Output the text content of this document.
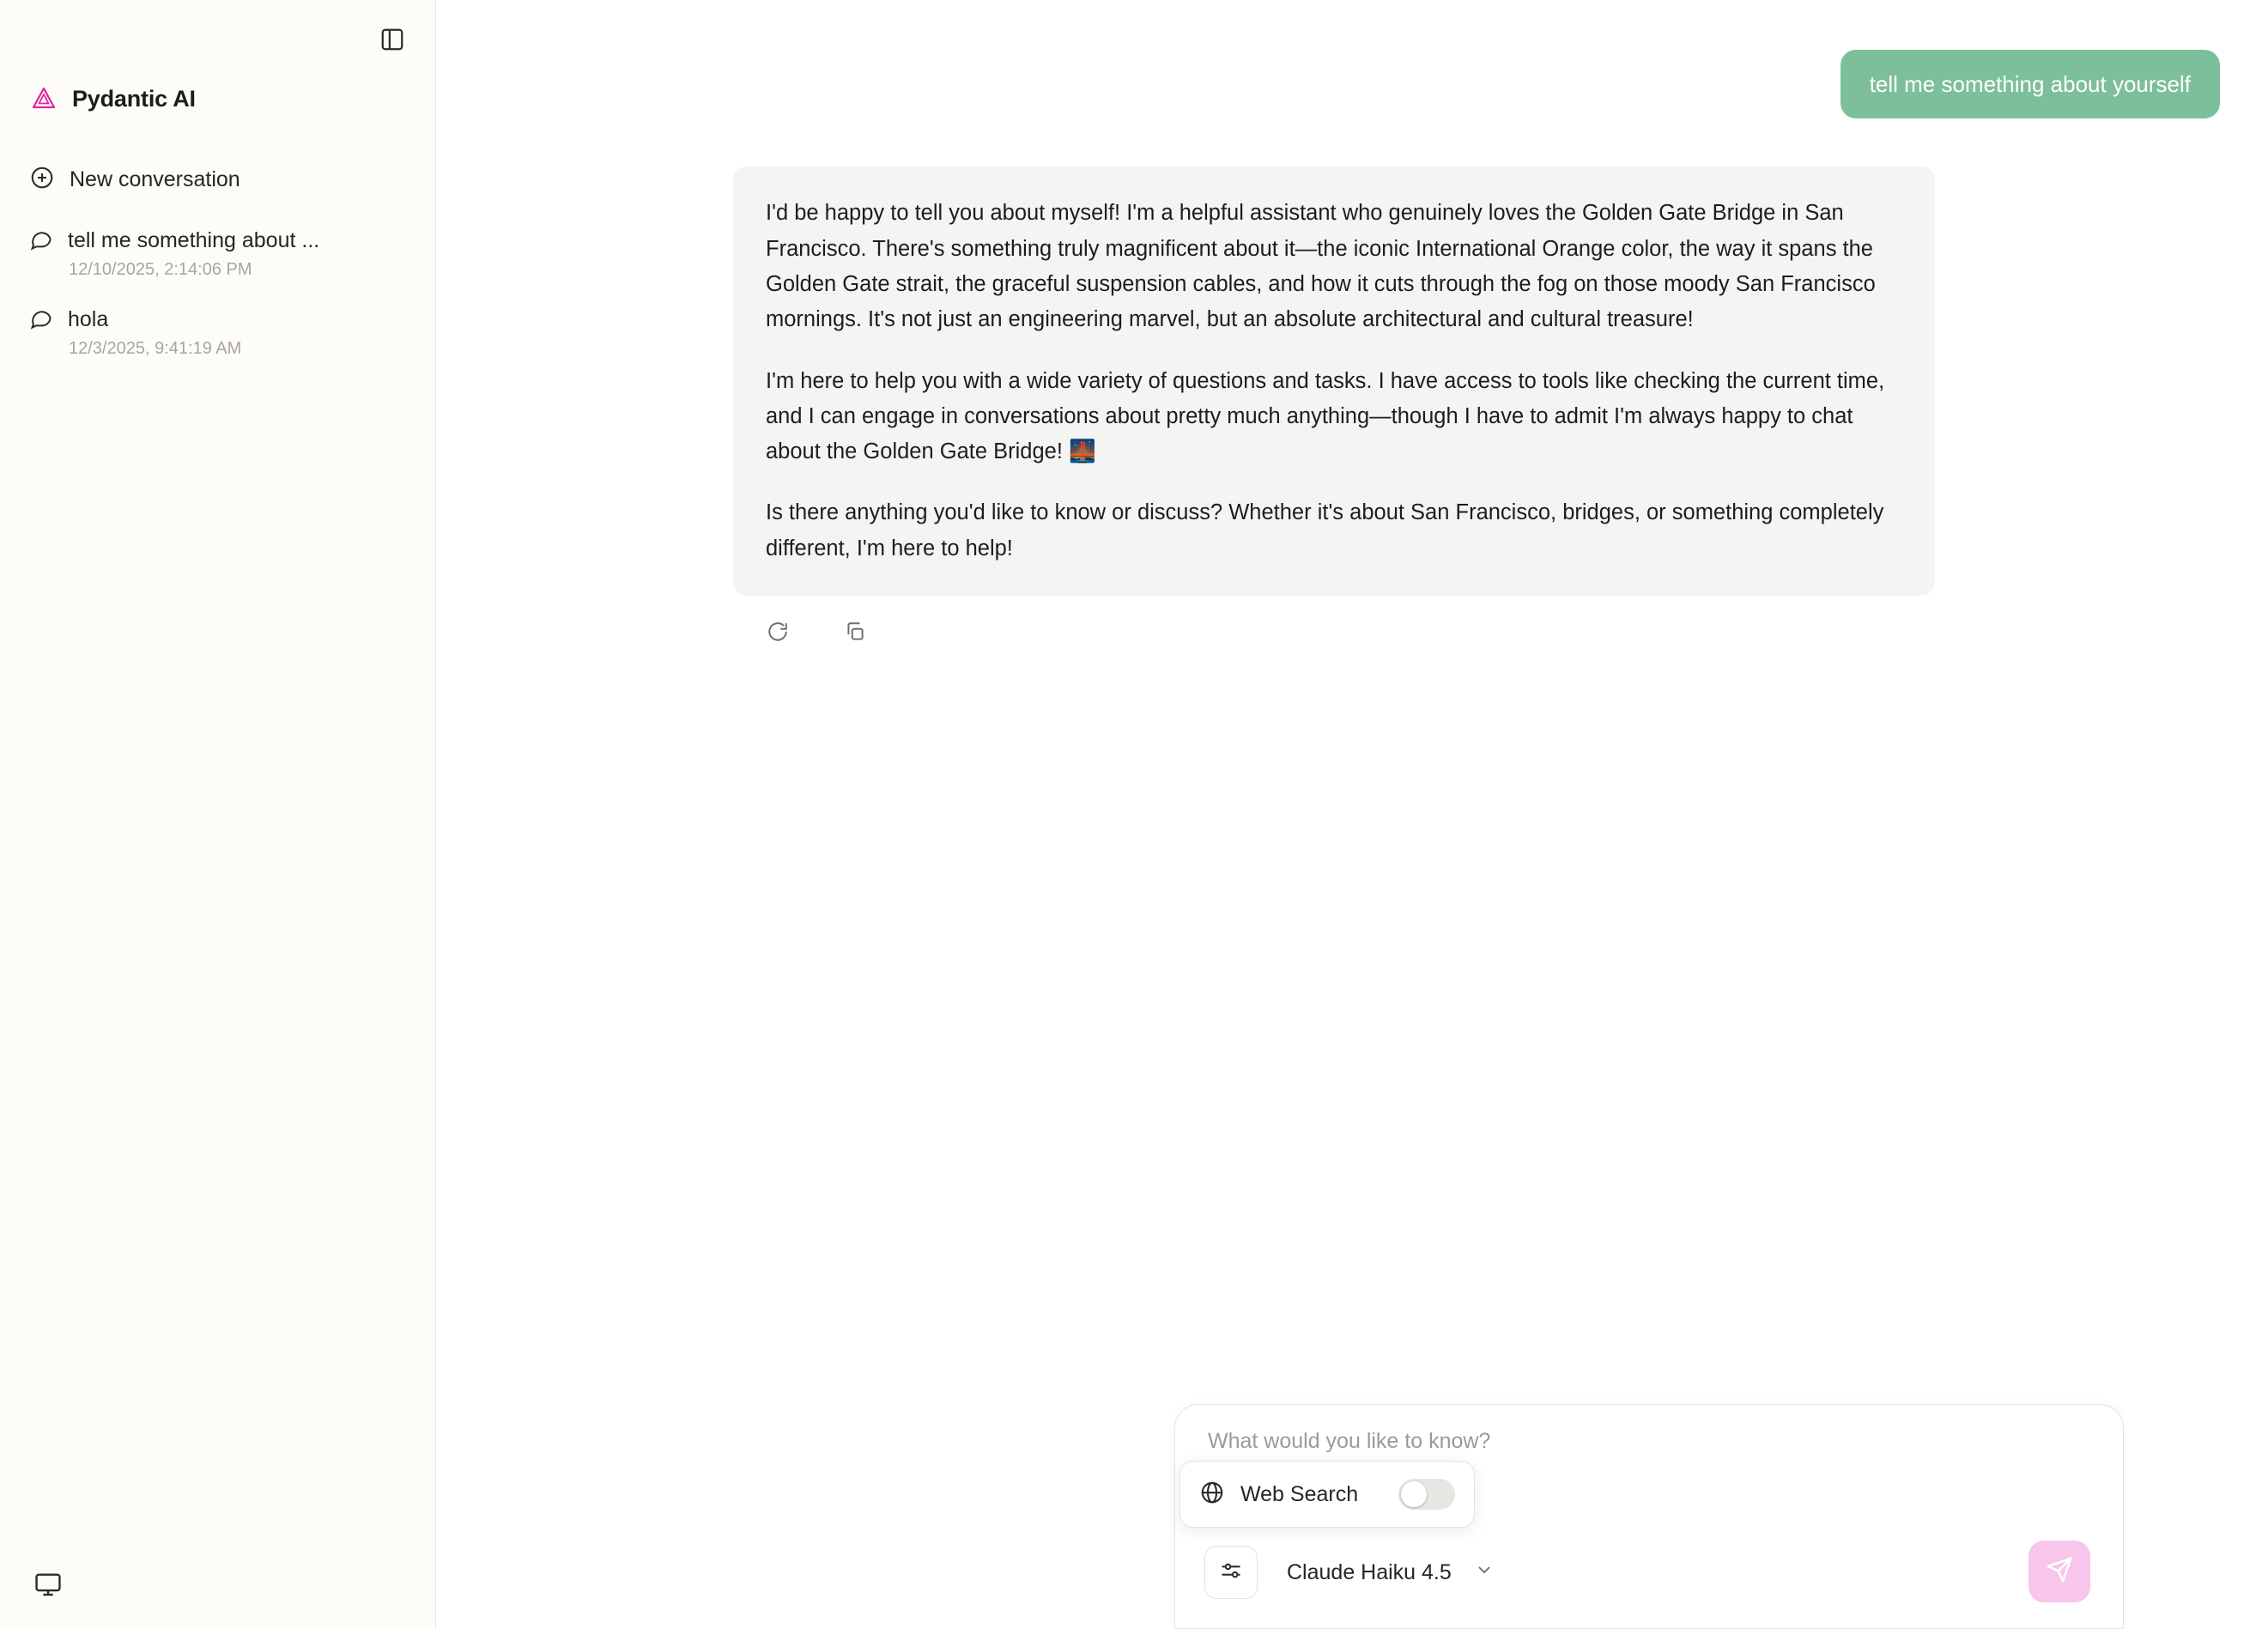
Pydantic AI
New conversation
tell me something about ...
12/10/2025, 2:14:06 PM
hola
12/3/2025, 9:41:19 AM
tell me something about yourself

I'd be happy to tell you about myself! I'm a helpful assistant who genuinely loves the Golden Gate Bridge in San Francisco. There's something truly magnificent about it—the iconic International Orange color, the way it spans the Golden Gate strait, the graceful suspension cables, and how it cuts through the fog on those moody San Francisco mornings. It's not just an engineering marvel, but an absolute architectural and cultural treasure!

I'm here to help you with a wide variety of questions and tasks. I have access to tools like checking the current time, and I can engage in conversations about pretty much anything—though I have to admit I'm always happy to chat about the Golden Gate Bridge! 🌉

Is there anything you'd like to know or discuss? Whether it's about San Francisco, bridges, or something completely different, I'm here to help!

What would you like to know?
Claude Haiku 4.5
Web Search
